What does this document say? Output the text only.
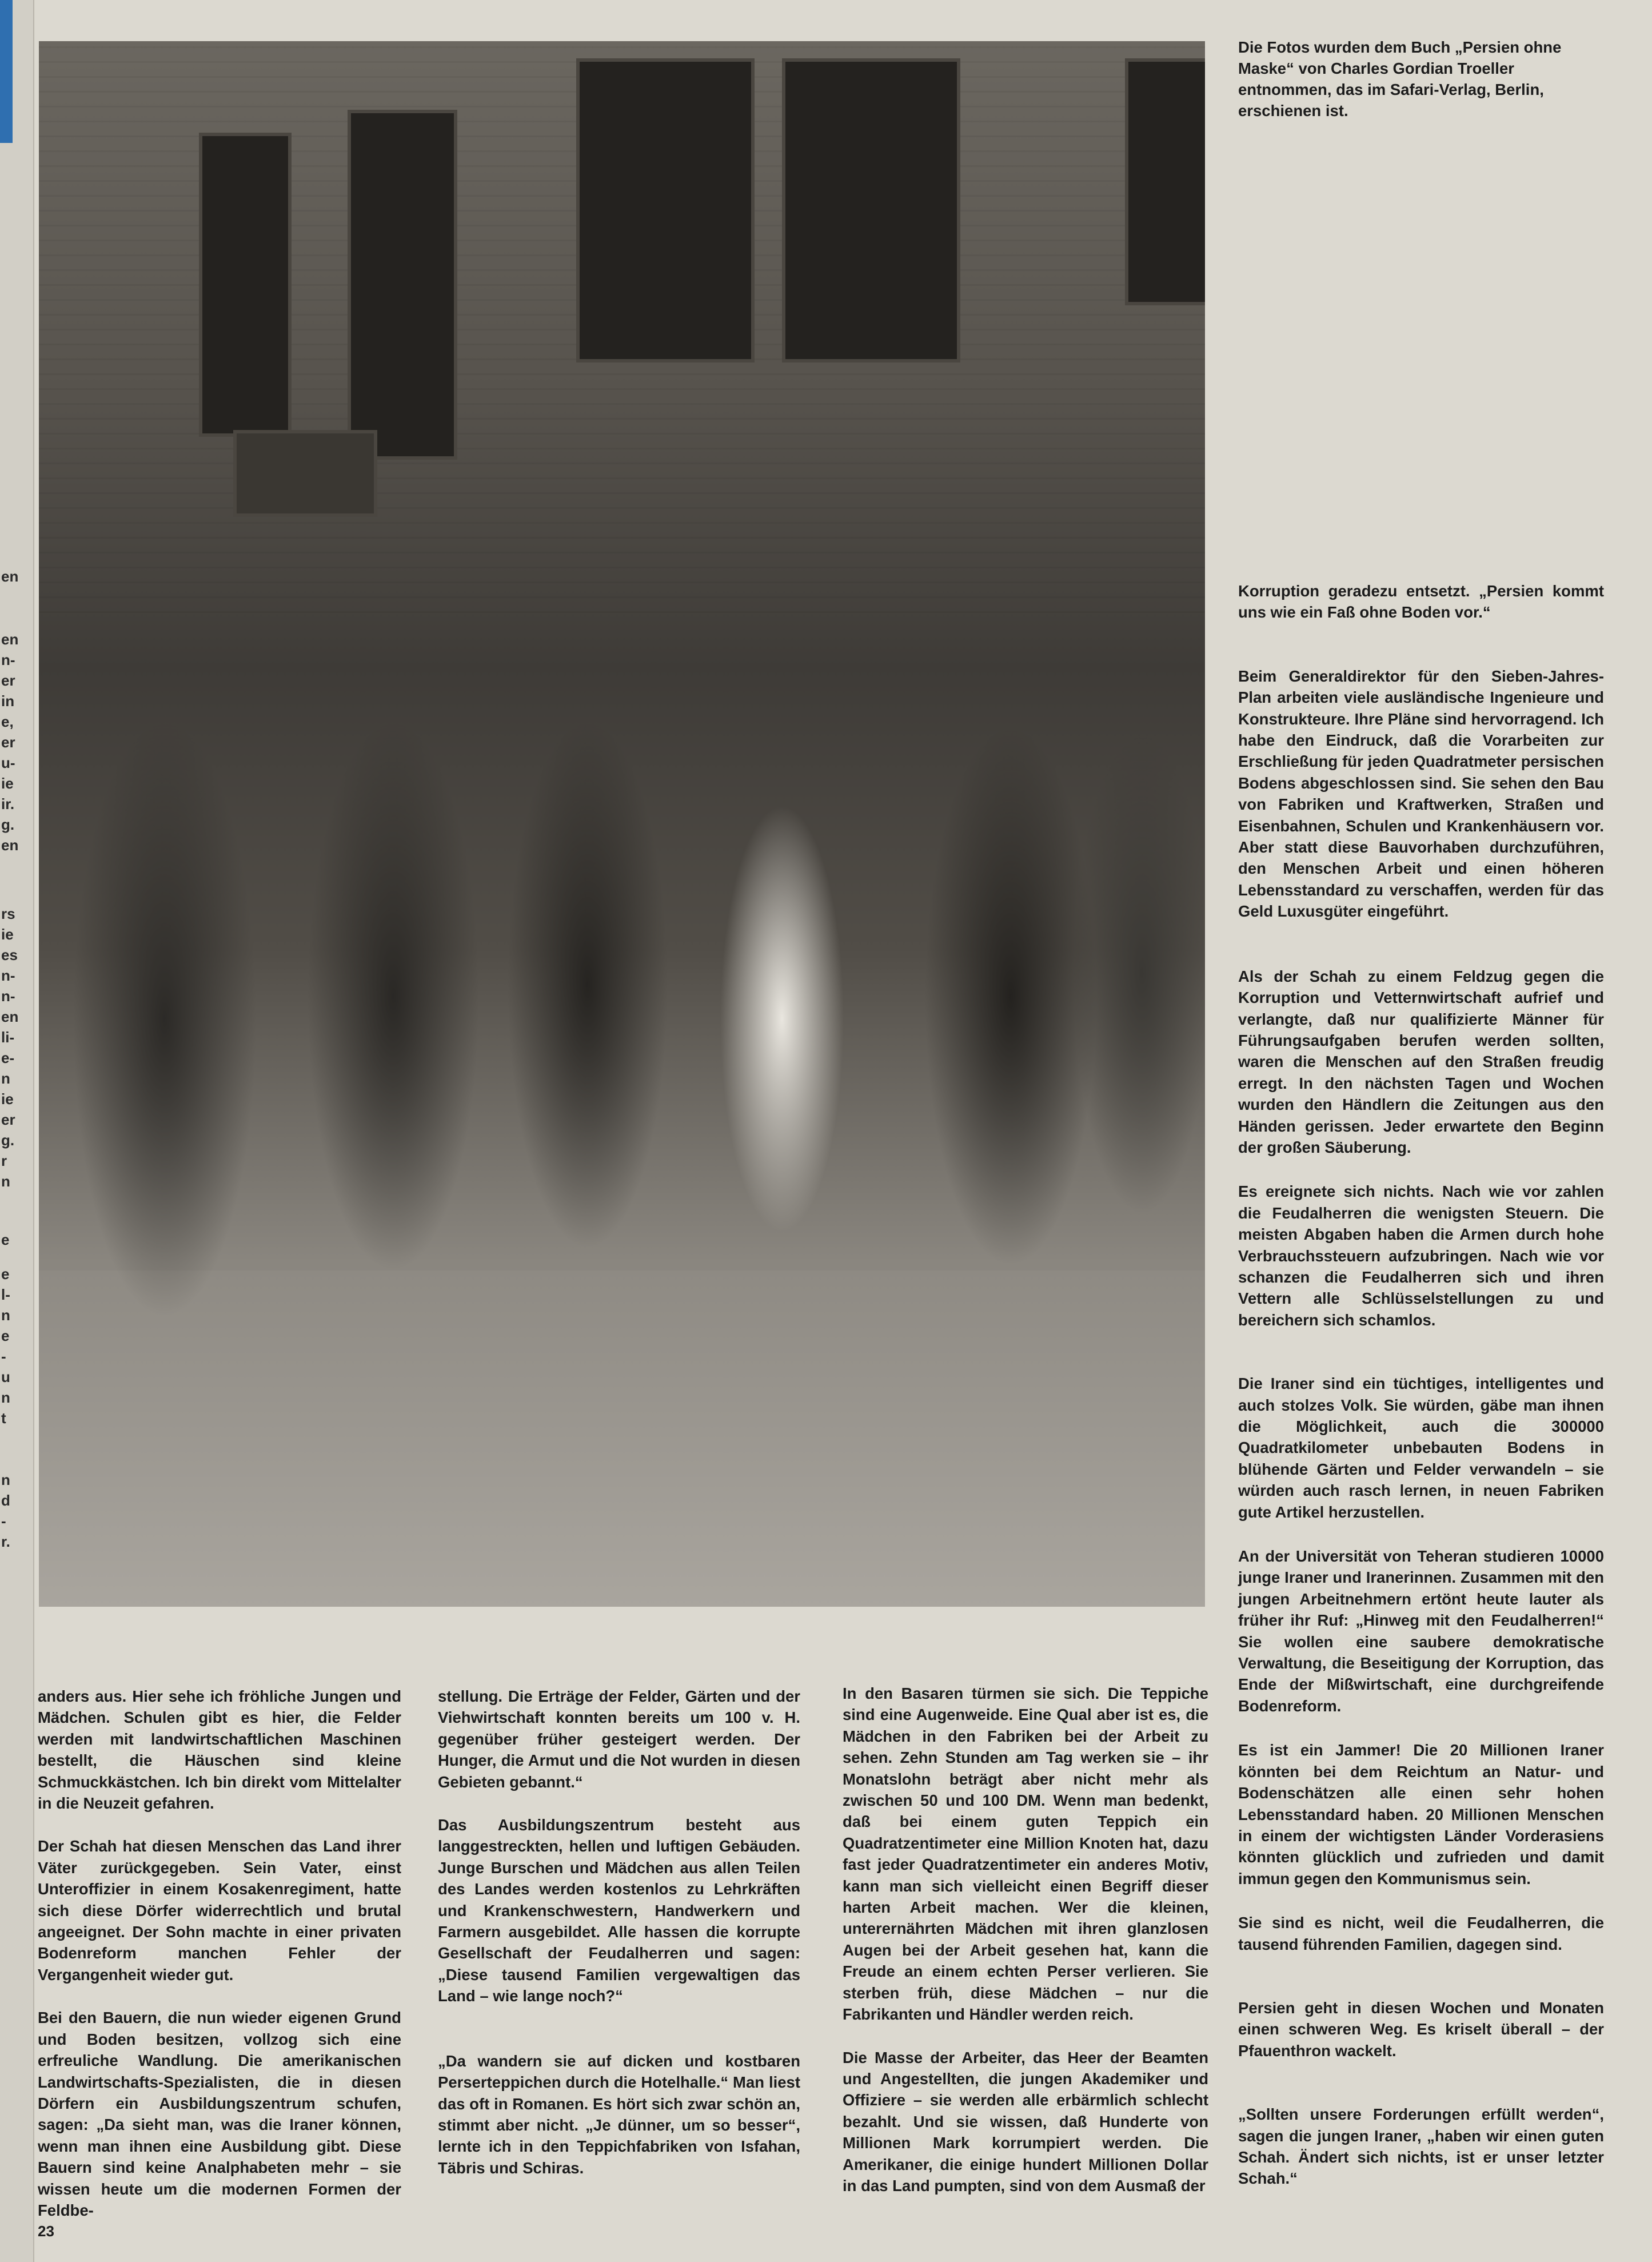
en
en
n-
er
in
e,
er
u-
ie
ir.
g.
en
rs
ie
es
n-
n-
en
li-
e-
n
ie
er
g.
r
n
e
e
l-
n
e
-
u
n
t
n
d
-
r.

Die Fotos wurden dem Buch „Persien ohne Maske“ von Charles Gordian Troeller entnommen, das im Safari-Verlag, Berlin, erschienen ist.

anders aus. Hier sehe ich fröhliche Jungen und Mädchen. Schulen gibt es hier, die Felder werden mit landwirtschaftlichen Maschinen bestellt, die Häuschen sind kleine Schmuckkästchen. Ich bin direkt vom Mittelalter in die Neuzeit gefahren.

Der Schah hat diesen Menschen das Land ihrer Väter zurückgegeben. Sein Vater, einst Unteroffizier in einem Kosakenregiment, hatte sich diese Dörfer widerrechtlich und brutal angeeignet. Der Sohn machte in einer privaten Bodenreform manchen Fehler der Vergangenheit wieder gut.

Bei den Bauern, die nun wieder eigenen Grund und Boden besitzen, vollzog sich eine erfreuliche Wandlung. Die amerikanischen Landwirtschafts-Spezialisten, die in diesen Dörfern ein Ausbildungszentrum schufen, sagen: „Da sieht man, was die Iraner können, wenn man ihnen eine Ausbildung gibt. Diese Bauern sind keine Analphabeten mehr – sie wissen heute um die modernen Formen der Feldbe-

stellung. Die Erträge der Felder, Gärten und der Viehwirtschaft konnten bereits um 100 v. H. gegenüber früher gesteigert werden. Der Hunger, die Armut und die Not wurden in diesen Gebieten gebannt.“

Das Ausbildungszentrum besteht aus langgestreckten, hellen und luftigen Gebäuden. Junge Burschen und Mädchen aus allen Teilen des Landes werden kostenlos zu Lehrkräften und Krankenschwestern, Handwerkern und Farmern ausgebildet. Alle hassen die korrupte Gesellschaft der Feudalherren und sagen: „Diese tausend Familien vergewaltigen das Land – wie lange noch?“

„Da wandern sie auf dicken und kostbaren Perserteppichen durch die Hotelhalle.“ Man liest das oft in Romanen. Es hört sich zwar schön an, stimmt aber nicht. „Je dünner, um so besser“, lernte ich in den Teppichfabriken von Isfahan, Täbris und Schiras.

In den Basaren türmen sie sich. Die Teppiche sind eine Augenweide. Eine Qual aber ist es, die Mädchen in den Fabriken bei der Arbeit zu sehen. Zehn Stunden am Tag werken sie – ihr Monatslohn beträgt aber nicht mehr als zwischen 50 und 100 DM. Wenn man bedenkt, daß bei einem guten Teppich ein Quadratzentimeter eine Million Knoten hat, dazu fast jeder Quadratzentimeter ein anderes Motiv, kann man sich vielleicht einen Begriff dieser harten Arbeit machen. Wer die kleinen, unterernährten Mädchen mit ihren glanzlosen Augen bei der Arbeit gesehen hat, kann die Freude an einem echten Perser verlieren. Sie sterben früh, diese Mädchen – nur die Fabrikanten und Händler werden reich.

Die Masse der Arbeiter, das Heer der Beamten und Angestellten, die jungen Akademiker und Offiziere – sie werden alle erbärmlich schlecht bezahlt. Und sie wissen, daß Hunderte von Millionen Mark korrumpiert werden. Die Amerikaner, die einige hundert Millionen Dollar in das Land pumpten, sind von dem Ausmaß der

Korruption geradezu entsetzt. „Persien kommt uns wie ein Faß ohne Boden vor.“

Beim Generaldirektor für den Sieben-Jahres-Plan arbeiten viele ausländische Ingenieure und Konstrukteure. Ihre Pläne sind hervorragend. Ich habe den Eindruck, daß die Vorarbeiten zur Erschließung für jeden Quadratmeter persischen Bodens abgeschlossen sind. Sie sehen den Bau von Fabriken und Kraftwerken, Straßen und Eisenbahnen, Schulen und Krankenhäusern vor. Aber statt diese Bauvorhaben durchzuführen, den Menschen Arbeit und einen höheren Lebensstandard zu verschaffen, werden für das Geld Luxusgüter eingeführt.

Als der Schah zu einem Feldzug gegen die Korruption und Vetternwirtschaft aufrief und verlangte, daß nur qualifizierte Männer für Führungsaufgaben berufen werden sollten, waren die Menschen auf den Straßen freudig erregt. In den nächsten Tagen und Wochen wurden den Händlern die Zeitungen aus den Händen gerissen. Jeder erwartete den Beginn der großen Säuberung.

Es ereignete sich nichts. Nach wie vor zahlen die Feudalherren die wenigsten Steuern. Die meisten Abgaben haben die Armen durch hohe Verbrauchssteuern aufzubringen. Nach wie vor schanzen die Feudalherren sich und ihren Vettern alle Schlüsselstellungen zu und bereichern sich schamlos.

Die Iraner sind ein tüchtiges, intelligentes und auch stolzes Volk. Sie würden, gäbe man ihnen die Möglichkeit, auch die 300000 Quadratkilometer unbebauten Bodens in blühende Gärten und Felder verwandeln – sie würden auch rasch lernen, in neuen Fabriken gute Artikel herzustellen.

An der Universität von Teheran studieren 10000 junge Iraner und Iranerinnen. Zusammen mit den jungen Arbeitnehmern ertönt heute lauter als früher ihr Ruf: „Hinweg mit den Feudalherren!“ Sie wollen eine saubere demokratische Verwaltung, die Beseitigung der Korruption, das Ende der Mißwirtschaft, eine durchgreifende Bodenreform.

Es ist ein Jammer! Die 20 Millionen Iraner könnten bei dem Reichtum an Natur- und Bodenschätzen alle einen sehr hohen Lebensstandard haben. 20 Millionen Menschen in einem der wichtigsten Länder Vorderasiens könnten glücklich und zufrieden und damit immun gegen den Kommunismus sein.

Sie sind es nicht, weil die Feudalherren, die tausend führenden Familien, dagegen sind.

Persien geht in diesen Wochen und Monaten einen schweren Weg. Es kriselt überall – der Pfauenthron wackelt.

„Sollten unsere Forderungen erfüllt werden“, sagen die jungen Iraner, „haben wir einen guten Schah. Ändert sich nichts, ist er unser letzter Schah.“

23
